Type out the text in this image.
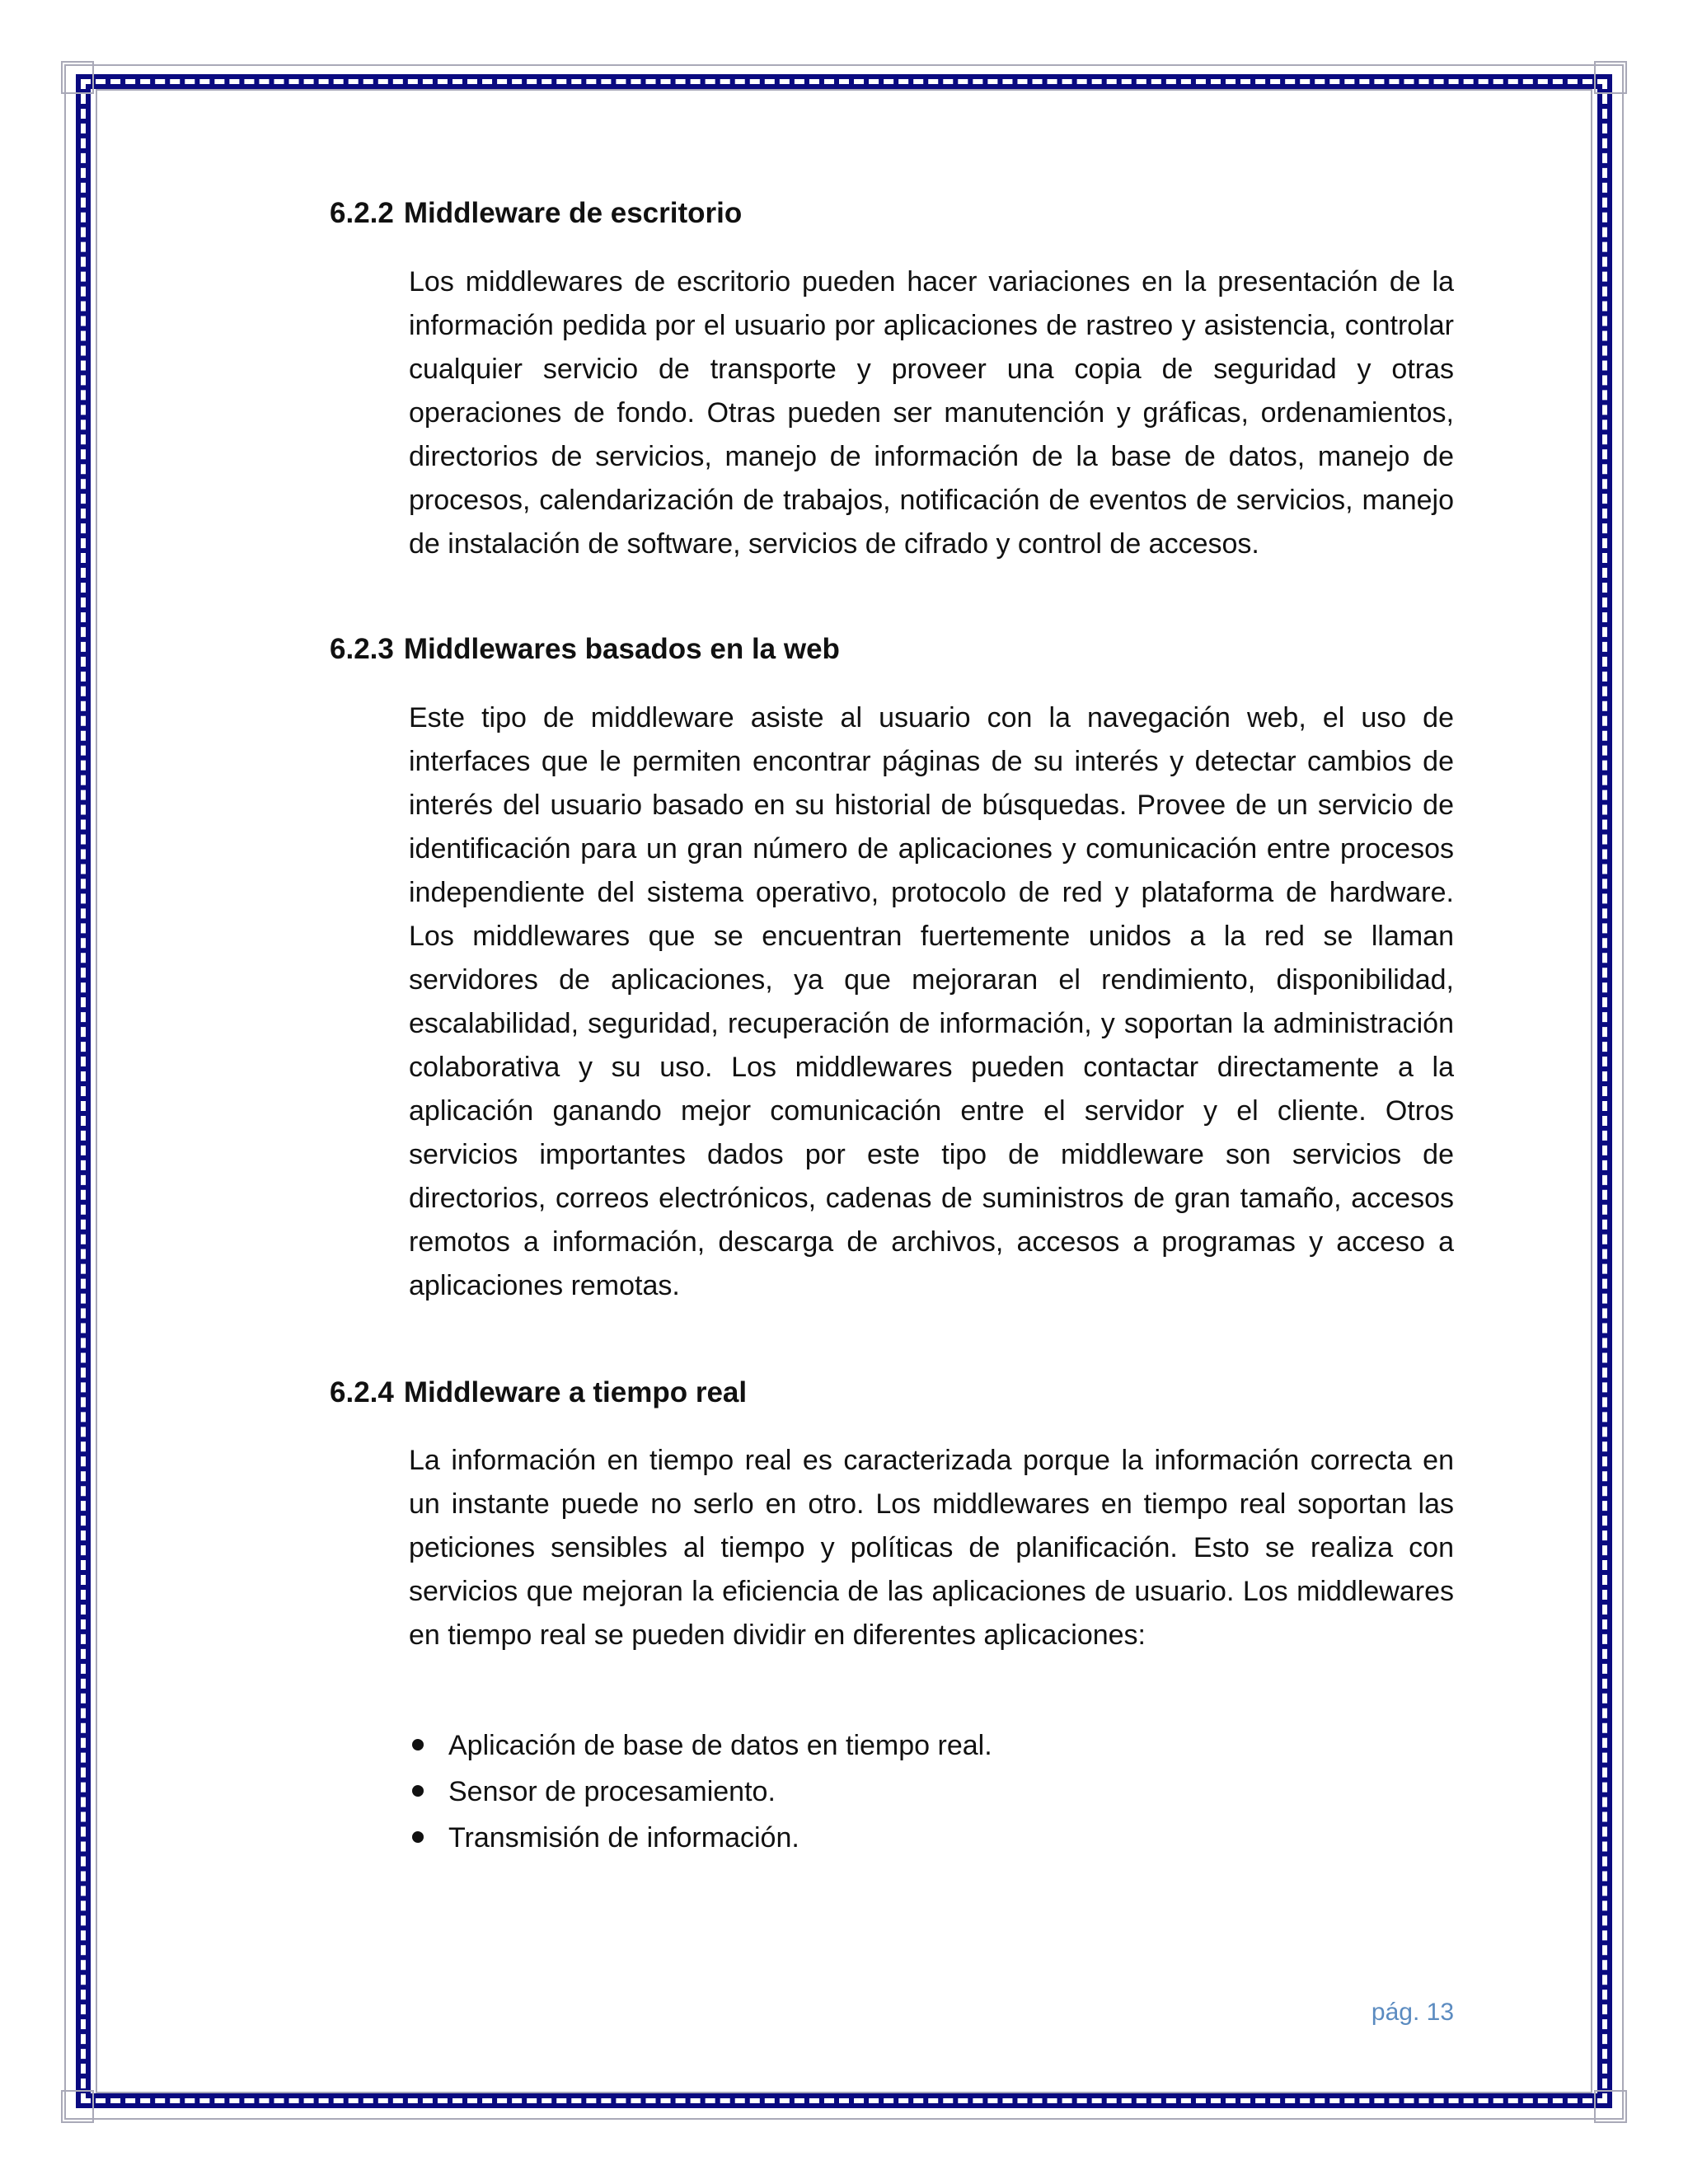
6.2.2 Middleware de escritorio

Los middlewares de escritorio pueden hacer variaciones en la presentación de la información pedida por el usuario por aplicaciones de rastreo y asistencia, controlar cualquier servicio de transporte y proveer una copia de seguridad y otras operaciones de fondo. Otras pueden ser manutención y gráficas, ordenamientos, directorios de servicios, manejo de información de la base de datos, manejo de procesos, calendarización de trabajos, notificación de eventos de servicios, manejo de instalación de software, servicios de cifrado y control de accesos.

6.2.3 Middlewares basados en la web

Este tipo de middleware asiste al usuario con la navegación web, el uso de interfaces que le permiten encontrar páginas de su interés y detectar cambios de interés del usuario basado en su historial de búsquedas. Provee de un servicio de identificación para un gran número de aplicaciones y comunicación entre procesos independiente del sistema operativo, protocolo de red y plataforma de hardware. Los middlewares que se encuentran fuertemente unidos a la red se llaman servidores de aplicaciones, ya que mejoraran el rendimiento, disponibilidad, escalabilidad, seguridad, recuperación de información, y soportan la administración colaborativa y su uso. Los middlewares pueden contactar directamente a la aplicación ganando mejor comunicación entre el servidor y el cliente. Otros servicios importantes dados por este tipo de middleware son servicios de directorios, correos electrónicos, cadenas de suministros de gran tamaño, accesos remotos a información, descarga de archivos, accesos a programas y acceso a aplicaciones remotas.

6.2.4 Middleware a tiempo real

La información en tiempo real es caracterizada porque la información correcta en un instante puede no serlo en otro. Los middlewares en tiempo real soportan las peticiones sensibles al tiempo y políticas de planificación. Esto se realiza con servicios que mejoran la eficiencia de las aplicaciones de usuario. Los middlewares en tiempo real se pueden dividir en diferentes aplicaciones:

Aplicación de base de datos en tiempo real.
Sensor de procesamiento.
Transmisión de información.
pág. 13
